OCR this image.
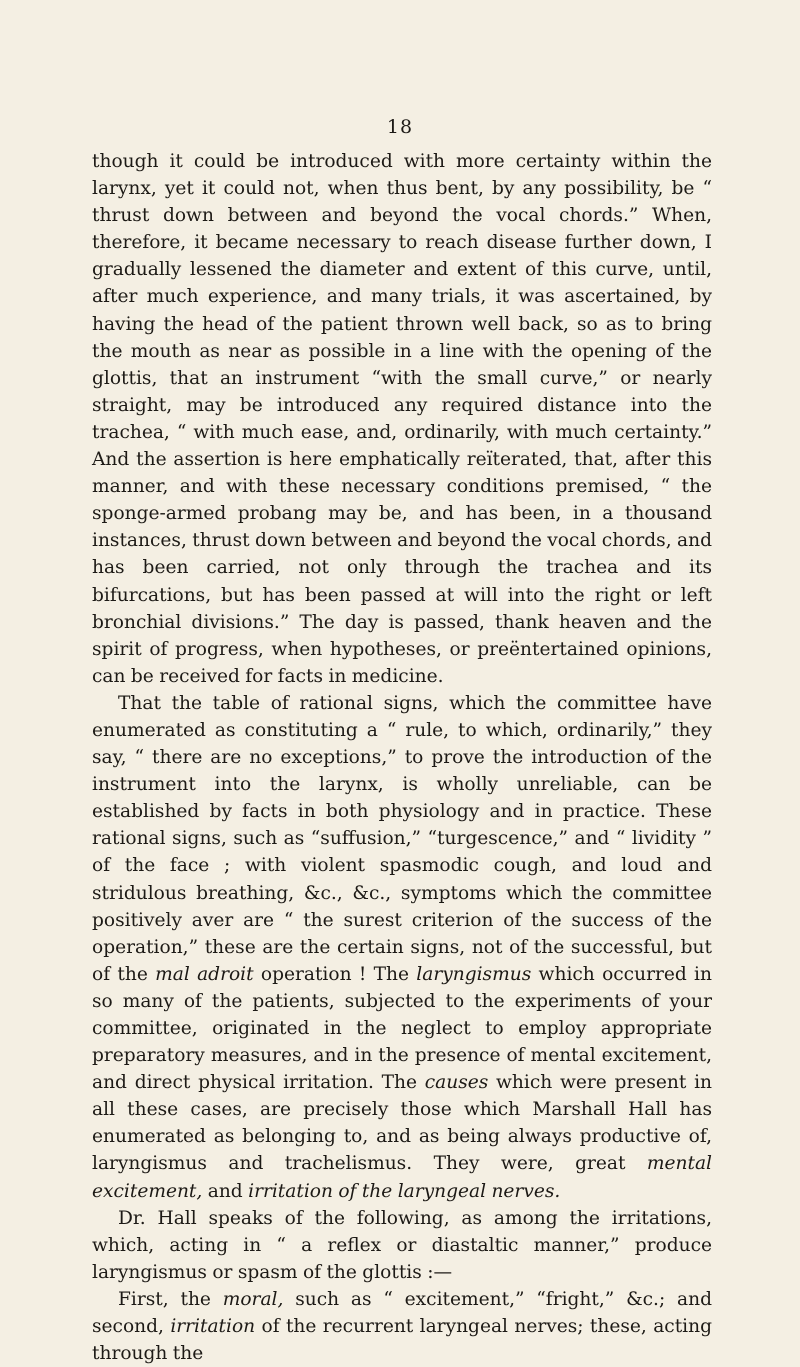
18

though it could be introduced with more certainty within the larynx, yet it could not, when thus bent, by any possibility, be “ thrust down between and beyond the vocal chords.” When, therefore, it became necessary to reach disease further down, I gradually lessened the diameter and extent of this curve, until, after much experience, and many trials, it was ascertained, by having the head of the patient thrown well back, so as to bring the mouth as near as possible in a line with the opening of the glottis, that an instrument “with the small curve,” or nearly straight, may be introduced any required distance into the trachea, “ with much ease, and, ordinarily, with much certainty.” And the assertion is here emphatically reïterated, that, after this manner, and with these necessary conditions premised, “ the sponge-armed probang may be, and has been, in a thousand instances, thrust down between and beyond the vocal chords, and has been carried, not only through the trachea and its bifurcations, but has been passed at will into the right or left bronchial divisions.” The day is passed, thank heaven and the spirit of progress, when hypotheses, or preëntertained opinions, can be received for facts in medicine.

That the table of rational signs, which the committee have enumerated as constituting a “ rule, to which, ordinarily,” they say, “ there are no exceptions,” to prove the introduction of the instrument into the larynx, is wholly unreliable, can be established by facts in both physiology and in practice. These rational signs, such as “suffusion,” “turgescence,” and “ lividity ” of the face ; with violent spasmodic cough, and loud and stridulous breathing, &c., &c., symptoms which the committee positively aver are “ the surest criterion of the success of the operation,” these are the certain signs, not of the successful, but of the mal adroit operation ! The laryngismus which occurred in so many of the patients, subjected to the experiments of your committee, originated in the neglect to employ appropriate preparatory measures, and in the presence of mental excitement, and direct physical irritation. The causes which were present in all these cases, are precisely those which Marshall Hall has enumerated as belonging to, and as being always productive of, laryngismus and trachelismus. They were, great mental excitement, and irritation of the laryngeal nerves.

Dr. Hall speaks of the following, as among the irritations, which, acting in “ a reflex or diastaltic manner,” produce laryngismus or spasm of the glottis :—

First, the moral, such as “ excitement,” “fright,” &c.; and second, irritation of the recurrent laryngeal nerves; these, acting through the
